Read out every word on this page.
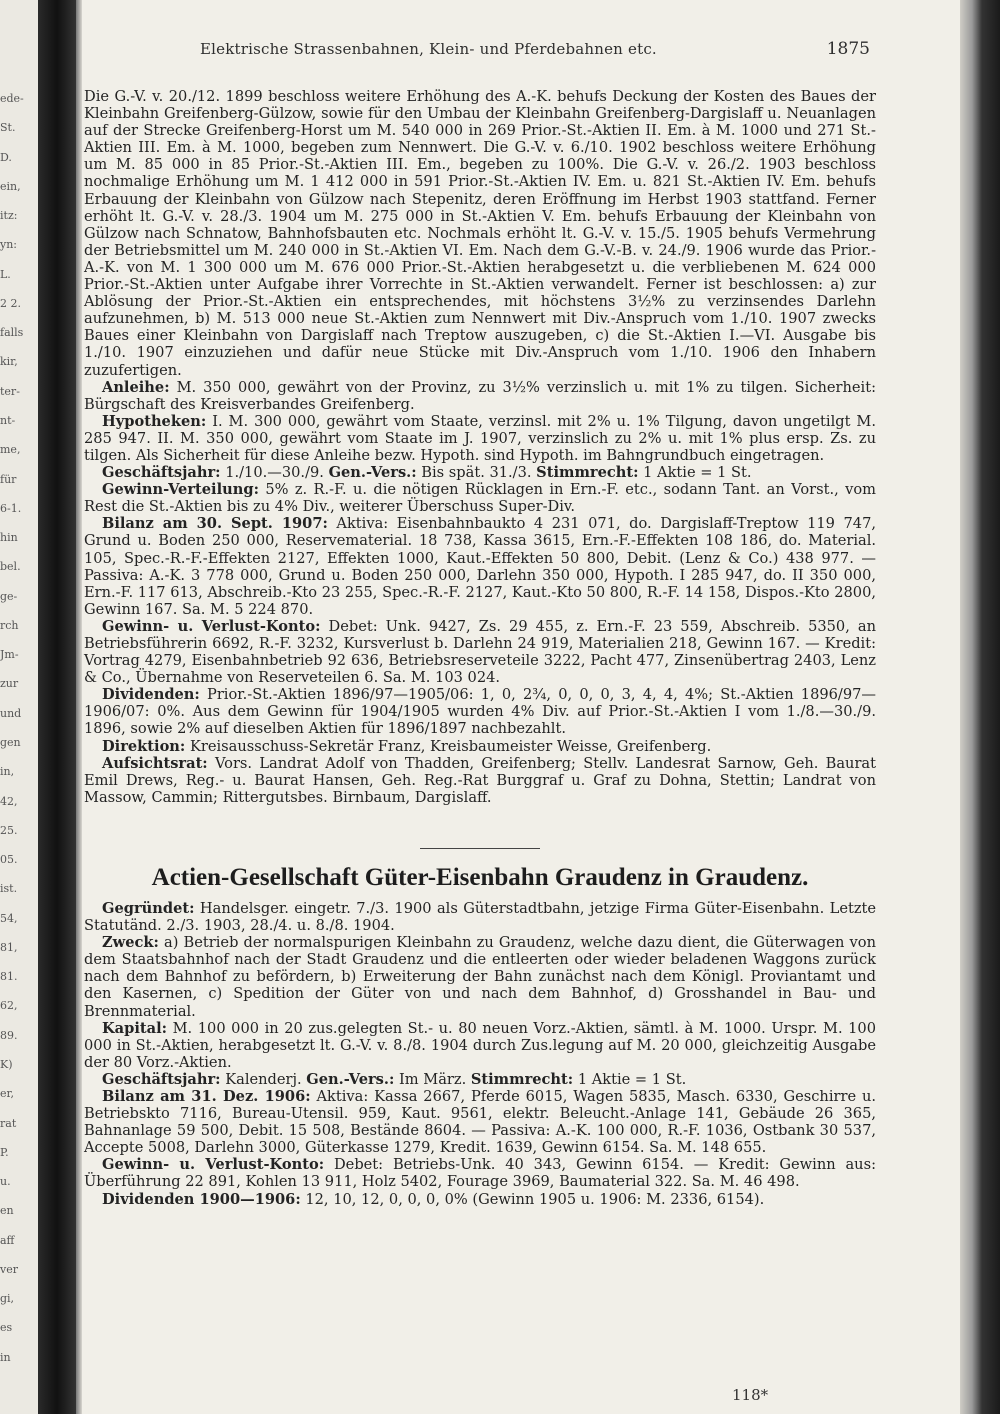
ede-
St.
D.
ein,
itz:
yn:
L.
2 2.
falls
kir,
ter-
nt-
me,
für
6-1.
hin
bel.
ge-
rch
Jm-
zur
und
gen
in,
42,
25.
05.
ist.
54,
81,
81.
62,
89.
K)
er,
rat
P.
u.
en
aff
ver
gi,
es
in
Elektrische Strassenbahnen, Klein- und Pferdebahnen etc.	1875

Die G.-V. v. 20./12. 1899 beschloss weitere Erhöhung des A.-K. behufs Deckung der Kosten des Baues der Kleinbahn Greifenberg-Gülzow, sowie für den Umbau der Kleinbahn Greifenberg-Dargislaff u. Neuanlagen auf der Strecke Greifenberg-Horst um M. 540 000 in 269 Prior.-St.-Aktien II. Em. à M. 1000 und 271 St.-Aktien III. Em. à M. 1000, begeben zum Nennwert. Die G.-V. v. 6./10. 1902 beschloss weitere Erhöhung um M. 85 000 in 85 Prior.-St.-Aktien III. Em., begeben zu 100%. Die G.-V. v. 26./2. 1903 beschloss nochmalige Erhöhung um M. 1 412 000 in 591 Prior.-St.-Aktien IV. Em. u. 821 St.-Aktien IV. Em. behufs Erbauung der Kleinbahn von Gülzow nach Stepenitz, deren Eröffnung im Herbst 1903 stattfand. Ferner erhöht lt. G.-V. v. 28./3. 1904 um M. 275 000 in St.-Aktien V. Em. behufs Erbauung der Kleinbahn von Gülzow nach Schnatow, Bahnhofsbauten etc. Nochmals erhöht lt. G.-V. v. 15./5. 1905 behufs Vermehrung der Betriebsmittel um M. 240 000 in St.-Aktien VI. Em. Nach dem G.-V.-B. v. 24./9. 1906 wurde das Prior.-A.-K. von M. 1 300 000 um M. 676 000 Prior.-St.-Aktien herabgesetzt u. die verbliebenen M. 624 000 Prior.-St.-Aktien unter Aufgabe ihrer Vorrechte in St.-Aktien verwandelt. Ferner ist beschlossen: a) zur Ablösung der Prior.-St.-Aktien ein entsprechendes, mit höchstens 3½% zu verzinsendes Darlehn aufzunehmen, b) M. 513 000 neue St.-Aktien zum Nennwert mit Div.-Anspruch vom 1./10. 1907 zwecks Baues einer Kleinbahn von Dargislaff nach Treptow auszugeben, c) die St.-Aktien I.—VI. Ausgabe bis 1./10. 1907 einzuziehen und dafür neue Stücke mit Div.-Anspruch vom 1./10. 1906 den Inhabern zuzufertigen.

Anleihe: M. 350 000, gewährt von der Provinz, zu 3½% verzinslich u. mit 1% zu tilgen. Sicherheit: Bürgschaft des Kreisverbandes Greifenberg.

Hypotheken: I. M. 300 000, gewährt vom Staate, verzinsl. mit 2% u. 1% Tilgung, davon ungetilgt M. 285 947. II. M. 350 000, gewährt vom Staate im J. 1907, verzinslich zu 2% u. mit 1% plus ersp. Zs. zu tilgen. Als Sicherheit für diese Anleihe bezw. Hypoth. sind Hypoth. im Bahngrundbuch eingetragen.

Geschäftsjahr: 1./10.—30./9. Gen.-Vers.: Bis spät. 31./3. Stimmrecht: 1 Aktie = 1 St.

Gewinn-Verteilung: 5% z. R.-F. u. die nötigen Rücklagen in Ern.-F. etc., sodann Tant. an Vorst., vom Rest die St.-Aktien bis zu 4% Div., weiterer Überschuss Super-Div.

Bilanz am 30. Sept. 1907: Aktiva: Eisenbahnbaukto 4 231 071, do. Dargislaff-Treptow 119 747, Grund u. Boden 250 000, Reservematerial. 18 738, Kassa 3615, Ern.-F.-Effekten 108 186, do. Material. 105, Spec.-R.-F.-Effekten 2127, Effekten 1000, Kaut.-Effekten 50 800, Debit. (Lenz & Co.) 438 977. — Passiva: A.-K. 3 778 000, Grund u. Boden 250 000, Darlehn 350 000, Hypoth. I 285 947, do. II 350 000, Ern.-F. 117 613, Abschreib.-Kto 23 255, Spec.-R.-F. 2127, Kaut.-Kto 50 800, R.-F. 14 158, Dispos.-Kto 2800, Gewinn 167. Sa. M. 5 224 870.

Gewinn- u. Verlust-Konto: Debet: Unk. 9427, Zs. 29 455, z. Ern.-F. 23 559, Abschreib. 5350, an Betriebsführerin 6692, R.-F. 3232, Kursverlust b. Darlehn 24 919, Materialien 218, Gewinn 167. — Kredit: Vortrag 4279, Eisenbahnbetrieb 92 636, Betriebsreserveteile 3222, Pacht 477, Zinsenübertrag 2403, Lenz & Co., Übernahme von Reserveteilen 6. Sa. M. 103 024.

Dividenden: Prior.-St.-Aktien 1896/97—1905/06: 1, 0, 2¾, 0, 0, 0, 3, 4, 4, 4%; St.-Aktien 1896/97—1906/07: 0%. Aus dem Gewinn für 1904/1905 wurden 4% Div. auf Prior.-St.-Aktien I vom 1./8.—30./9. 1896, sowie 2% auf dieselben Aktien für 1896/1897 nachbezahlt.

Direktion: Kreisausschuss-Sekretär Franz, Kreisbaumeister Weisse, Greifenberg.

Aufsichtsrat: Vors. Landrat Adolf von Thadden, Greifenberg; Stellv. Landesrat Sarnow, Geh. Baurat Emil Drews, Reg.- u. Baurat Hansen, Geh. Reg.-Rat Burggraf u. Graf zu Dohna, Stettin; Landrat von Massow, Cammin; Rittergutsbes. Birnbaum, Dargislaff.

Actien-Gesellschaft Güter-Eisenbahn Graudenz in Graudenz.

Gegründet: Handelsger. eingetr. 7./3. 1900 als Güterstadtbahn, jetzige Firma Güter-Eisenbahn. Letzte Statutänd. 2./3. 1903, 28./4. u. 8./8. 1904.

Zweck: a) Betrieb der normalspurigen Kleinbahn zu Graudenz, welche dazu dient, die Güterwagen von dem Staatsbahnhof nach der Stadt Graudenz und die entleerten oder wieder beladenen Waggons zurück nach dem Bahnhof zu befördern, b) Erweiterung der Bahn zunächst nach dem Königl. Proviantamt und den Kasernen, c) Spedition der Güter von und nach dem Bahnhof, d) Grosshandel in Bau- und Brennmaterial.

Kapital: M. 100 000 in 20 zus.gelegten St.- u. 80 neuen Vorz.-Aktien, sämtl. à M. 1000. Urspr. M. 100 000 in St.-Aktien, herabgesetzt lt. G.-V. v. 8./8. 1904 durch Zus.legung auf M. 20 000, gleichzeitig Ausgabe der 80 Vorz.-Aktien.

Geschäftsjahr: Kalenderj. Gen.-Vers.: Im März. Stimmrecht: 1 Aktie = 1 St.

Bilanz am 31. Dez. 1906: Aktiva: Kassa 2667, Pferde 6015, Wagen 5835, Masch. 6330, Geschirre u. Betriebskto 7116, Bureau-Utensil. 959, Kaut. 9561, elektr. Beleucht.-Anlage 141, Gebäude 26 365, Bahnanlage 59 500, Debit. 15 508, Bestände 8604. — Passiva: A.-K. 100 000, R.-F. 1036, Ostbank 30 537, Accepte 5008, Darlehn 3000, Güterkasse 1279, Kredit. 1639, Gewinn 6154. Sa. M. 148 655.

Gewinn- u. Verlust-Konto: Debet: Betriebs-Unk. 40 343, Gewinn 6154. — Kredit: Gewinn aus: Überführung 22 891, Kohlen 13 911, Holz 5402, Fourage 3969, Baumaterial 322. Sa. M. 46 498.

Dividenden 1900—1906: 12, 10, 12, 0, 0, 0, 0% (Gewinn 1905 u. 1906: M. 2336, 6154).

118*
